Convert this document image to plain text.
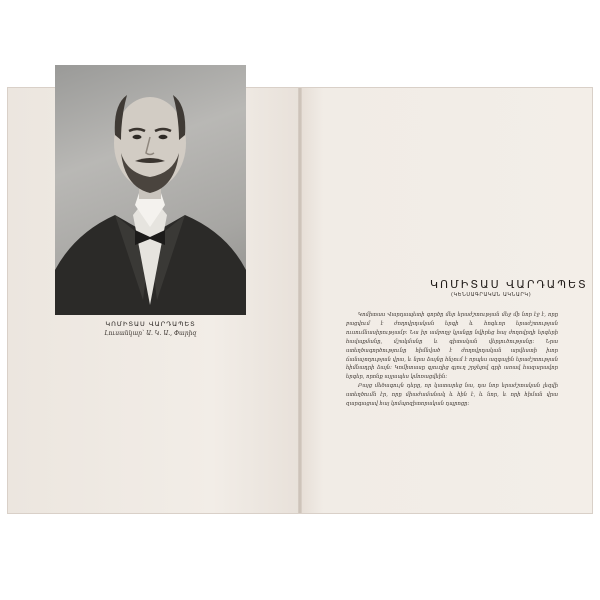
ԿՈՄԻՏԱՍ ՎԱՐԴԱՊԵՏ
Լուսանկար՝ Ա. Կ. Ա., Փարիզ
ԿՈՄԻՏԱՍ ՎԱՐԴԱՊԵՏ
(ԿԵՆՍԱԳՐԱԿԱՆ ԱԿՆԱՐԿ)

Կոմիտաս Վարդապետի գործը մեր երաժշտության մեջ մի նոր էջ է, որը բացվում է ժողովրդական երգի և հոգևոր երաժշտության ուսումնասիրությամբ։ Նա իր ամբողջ կյանքը նվիրեց հայ ժողովրդի երգերի հավաքմանը, մշակմանը և գիտական վերլուծությանը։ Նրա ստեղծագործությունը հիմնված է ժողովրդական արվեստի խոր ճանաչողության վրա, և նրա ձայնը հնչում է որպես ազգային երաժշտության հիմնադրի ձայն։ Կոմիտասը գյուղից գյուղ շրջելով գրի առավ հազարավոր երգեր, որոնք այլապես կմոռացվեին։

Բայց մեծագույն դերը, որ կատարեց նա, դա նոր երաժշտական լեզվի ստեղծումն էր, որը միաժամանակ և հին է, և նոր, և որի հիման վրա զարգացավ հայ կոմպոզիտորական դպրոցը։
